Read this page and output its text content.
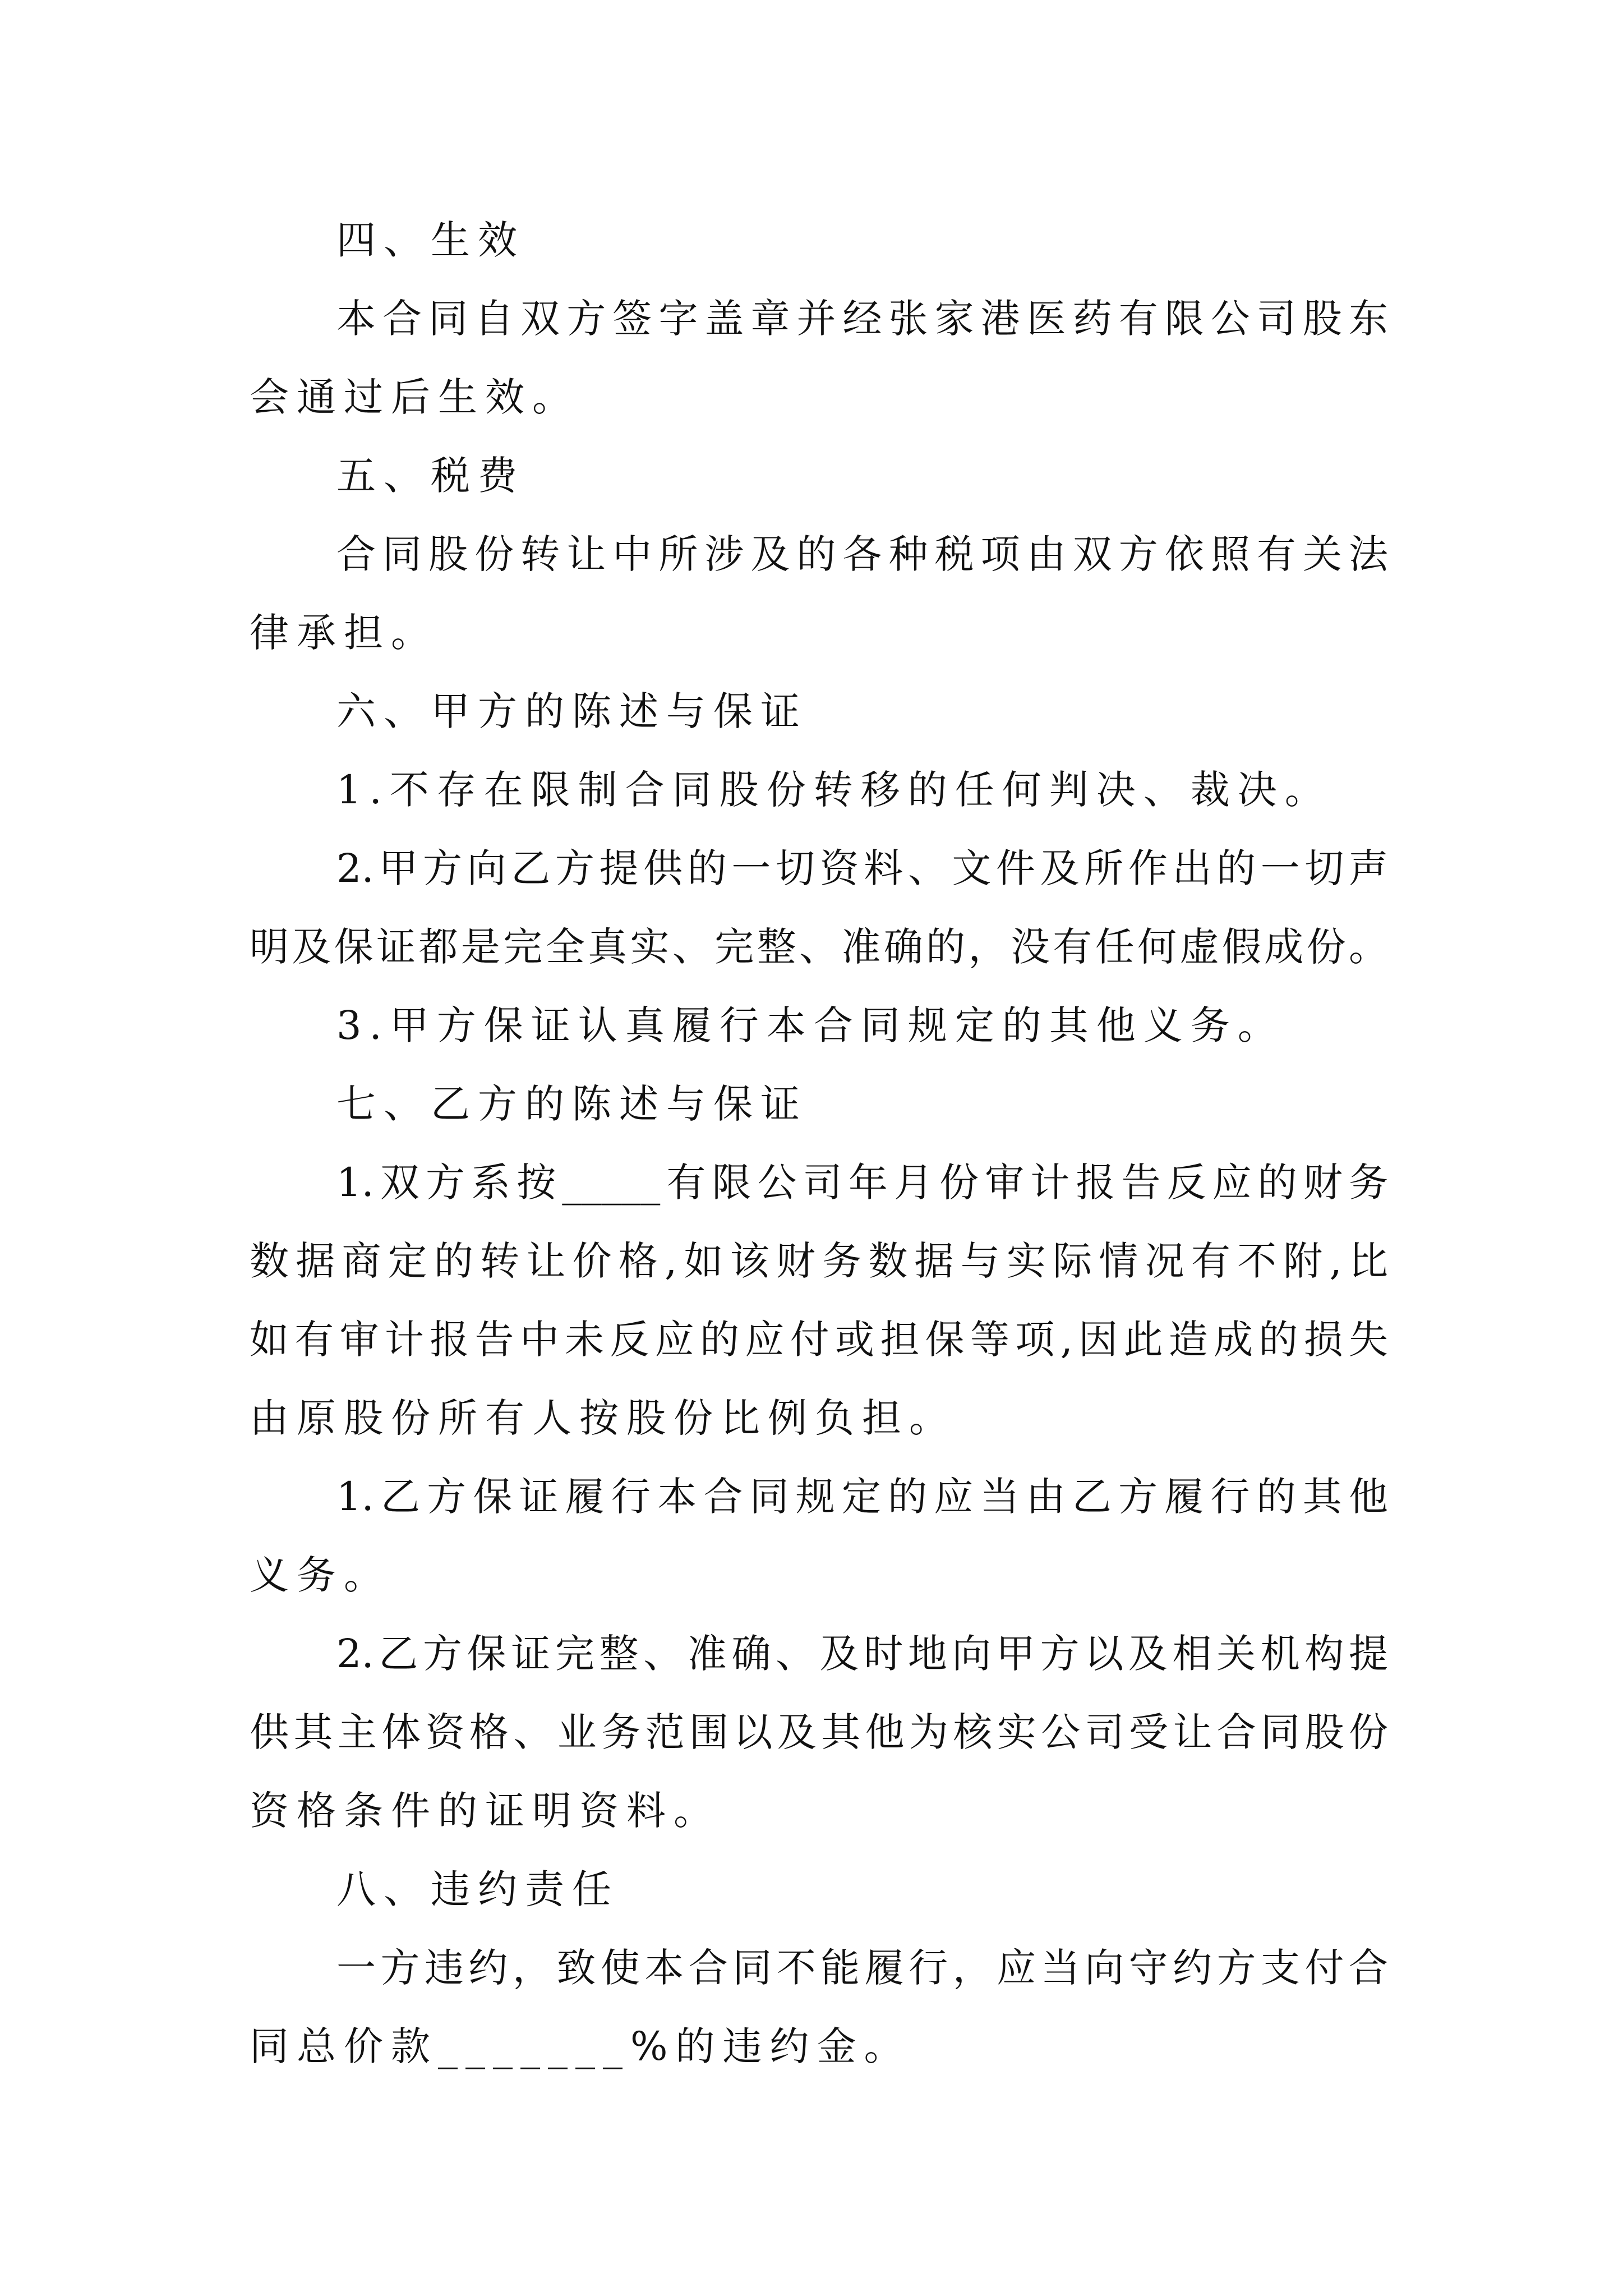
四、生效

本合同自双方签字盖章并经张家港医药有限公司股东

会通过后生效。

五、税费

合同股份转让中所涉及的各种税项由双方依照有关法

律承担。

六、甲方的陈述与保证

1.不存在限制合同股份转移的任何判决、裁决。

2.甲方向乙方提供的一切资料、文件及所作出的一切声

明及保证都是完全真实、完整、准确的，没有任何虚假成份。

3.甲方保证认真履行本合同规定的其他义务。

七、乙方的陈述与保证

1.双方系按_____有限公司年月份审计报告反应的财务

数据商定的转让价格,如该财务数据与实际情况有不附,比

如有审计报告中未反应的应付或担保等项,因此造成的损失

由原股份所有人按股份比例负担。

1.乙方保证履行本合同规定的应当由乙方履行的其他

义务。

2.乙方保证完整、准确、及时地向甲方以及相关机构提

供其主体资格、业务范围以及其他为核实公司受让合同股份

资格条件的证明资料。

八、违约责任

一方违约，致使本合同不能履行，应当向守约方支付合

同总价款_______%的违约金。
